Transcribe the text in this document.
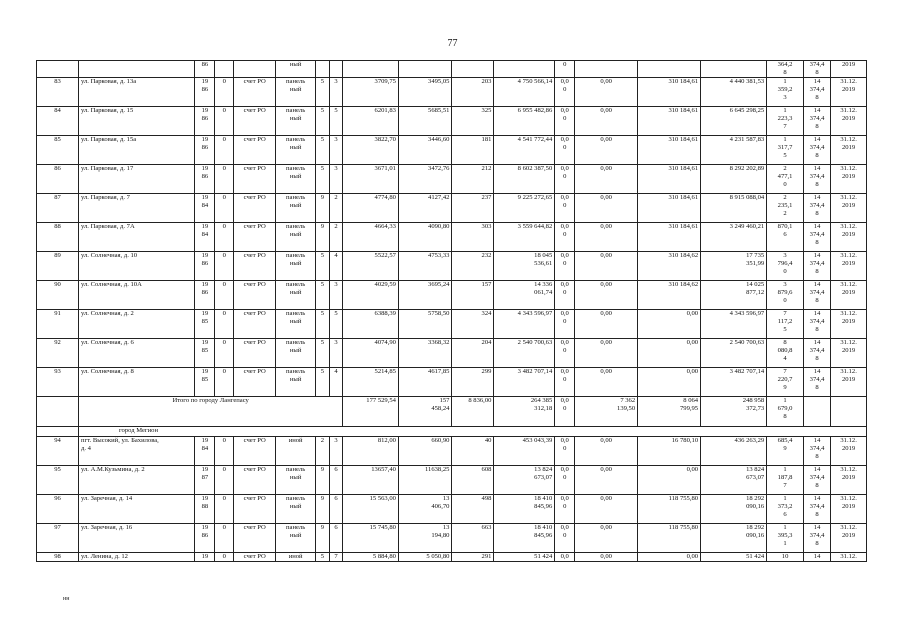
77
		86			ный							0				364,2
8	374,4
8	2019
83	ул. Парковая, д. 13а	19
86	0	счет РО	панель
ный	5	3	3709,75	3495,05	203	4 750 566,14	0,0
0	0,00	310 184,61	4 440 381,53	1
359,2
3	14
374,4
8	31.12.
2019
84	ул. Парковая, д. 15	19
86	0	счет РО	панель
ный	5	5	6201,83	5685,51	325	6 955 482,86	0,0
0	0,00	310 184,61	6 645 298,25	1
223,3
7	14
374,4
8	31.12.
2019
85	ул. Парковая, д. 15а	19
86	0	счет РО	панель
ный	5	3	3822,70	3446,60	181	4 541 772,44	0,0
0	0,00	310 184,61	4 231 587,83	1
317,7
5	14
374,4
8	31.12.
2019
86	ул. Парковая, д. 17	19
86	0	счет РО	панель
ный	5	3	3671,01	3472,76	212	8 602 387,50	0,0
0	0,00	310 184,61	8 292 202,89	2
477,1
0	14
374,4
8	31.12.
2019
87	ул. Парковая, д. 7	19
84	0	счет РО	панель
ный	9	2	4774,80	4127,42	237	9 225 272,65	0,0
0	0,00	310 184,61	8 915 088,04	2
235,1
2	14
374,4
8	31.12.
2019
88	ул. Парковая, д. 7А	19
84	0	счет РО	панель
ный	9	2	4664,33	4090,80	303	3 559 644,82	0,0
0	0,00	310 184,61	3 249 460,21	870,1
6	14
374,4
8	31.12.
2019
89	ул. Солнечная, д. 10	19
86	0	счет РО	панель
ный	5	4	5522,57	4753,33	232	18 045
536,61	0,0
0	0,00	310 184,62	17 735
351,99	3
796,4
0	14
374,4
8	31.12.
2019
90	ул. Солнечная, д. 10А	19
86	0	счет РО	панель
ный	5	3	4029,59	3695,24	157	14 336
061,74	0,0
0	0,00	310 184,62	14 025
877,12	3
879,6
0	14
374,4
8	31.12.
2019
91	ул. Солнечная, д. 2	19
85	0	счет РО	панель
ный	5	5	6388,39	5758,50	324	4 343 596,97	0,0
0	0,00	0,00	4 343 596,97	7
117,2
5	14
374,4
8	31.12.
2019
92	ул. Солнечная, д. 6	19
85	0	счет РО	панель
ный	5	3	4074,90	3368,32	204	2 540 700,63	0,0
0	0,00	0,00	2 540 700,63	8
080,8
4	14
374,4
8	31.12.
2019
93	ул. Солнечная, д. 8	19
85	0	счет РО	панель
ный	5	4	5214,85	4617,85	299	3 482 707,14	0,0
0	0,00	0,00	3 482 707,14	7
220,7
9	14
374,4
8	31.12.
2019
	Итого по городу Лангепасу							177 529,54	157
458,24	8 836,00	264 385
312,18	0,0
0	7 362
139,50	8 064
799,95	248 958
372,73	1
679,0
8		
	город Мегион																	
94	пгт. Высокий, ул. Бахилова,
д. 4	19
84	0	счет РО	иной	2	3	812,00	660,90	40	453 043,39	0,0
0	0,00	16 780,10	436 263,29	685,4
9	14
374,4
8	31.12.
2019
95	ул. А.М.Кузьмина, д. 2	19
87	0	счет РО	панель
ный	9	6	13657,40	11638,25	608	13 824
673,07	0,0
0	0,00	0,00	13 824
673,07	1
187,8
7	14
374,4
8	31.12.
2019
96	ул. Заречная, д. 14	19
88	0	счет РО	панель
ный	9	6	15 563,00	13
406,70	498	18 410
845,96	0,0
0	0,00	118 755,80	18 292
090,16	1
373,2
6	14
374,4
8	31.12.
2019
97	ул. Заречная, д. 16	19
86	0	счет РО	панель
ный	9	6	15 745,80	13
194,80	663	18 410
845,96	0,0
0	0,00	118 755,80	18 292
090,16	1
395,3
1	14
374,4
8	31.12.
2019
98	ул. Ленина, д. 12	19	0	счет РО	иной	5	7	5 884,80	5 050,80	291	51 424	0,0	0,00	0,00	51 424	10	14	31.12.
нн
